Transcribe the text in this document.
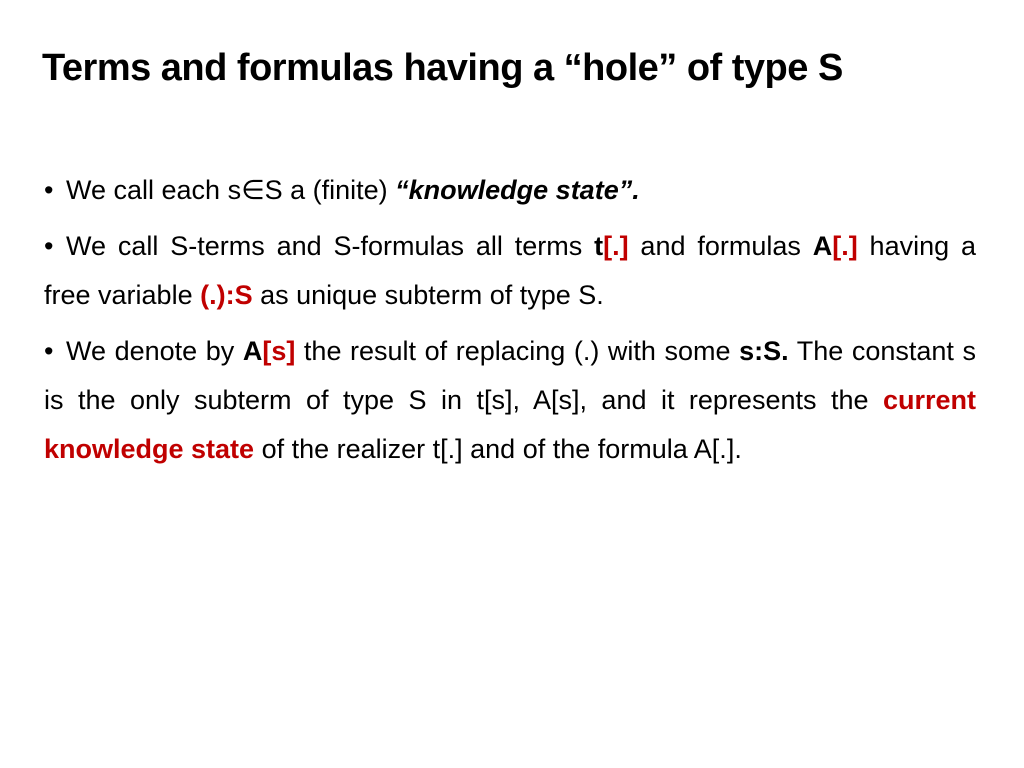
Terms and formulas having a “hole” of type S

• We call each s∈S a (finite) “knowledge state”.

• We call S-terms and S-formulas all terms t[.] and formulas A[.] having a free variable (.):S as unique subterm of type S.

• We denote by A[s] the result of replacing (.) with some s:S. The constant s is the only subterm of type S in t[s], A[s], and it represents the current knowledge state of the realizer t[.] and of the formula A[.].
